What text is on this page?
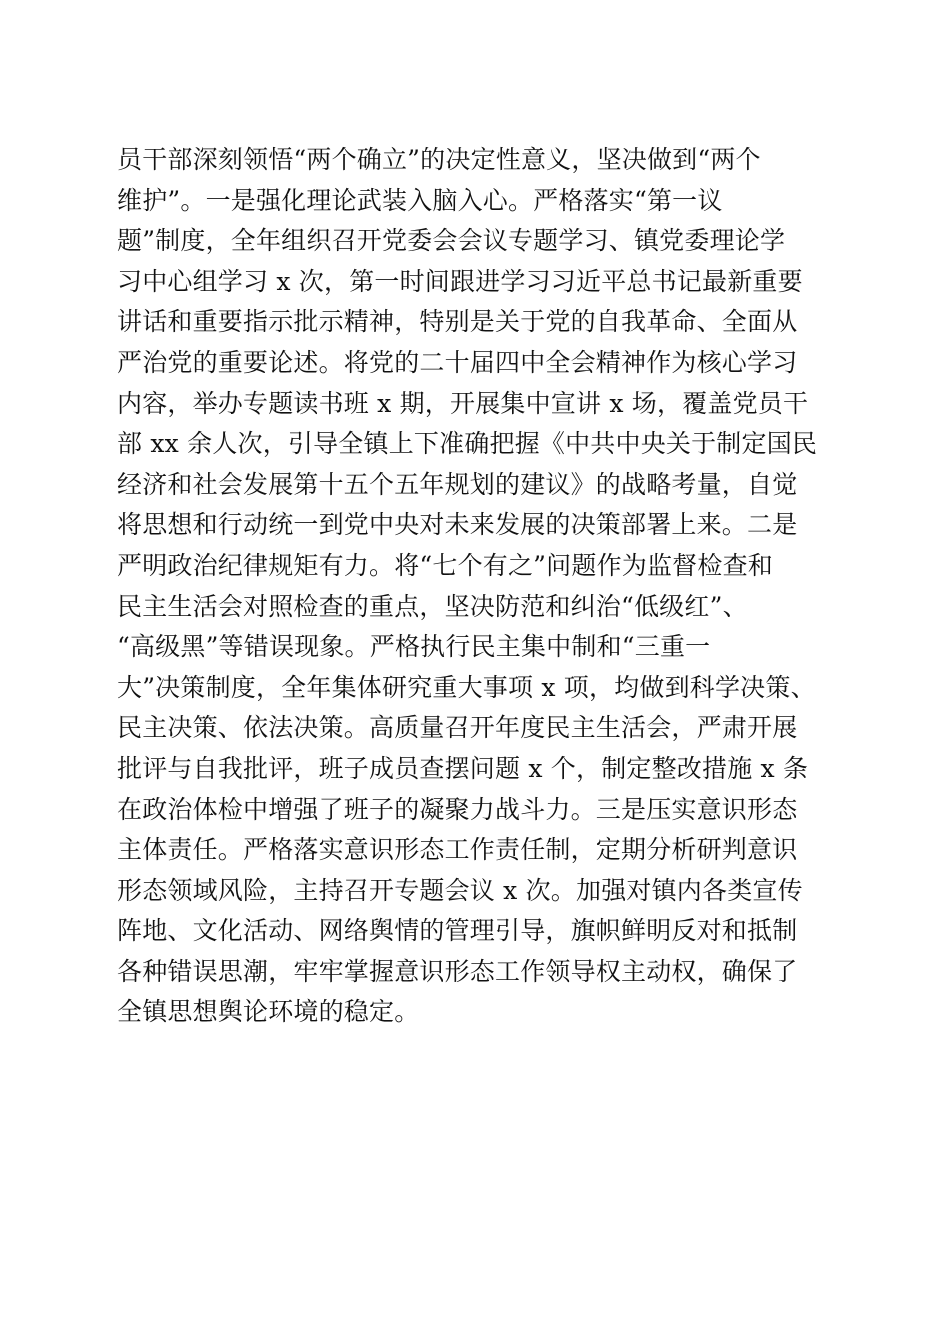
员干部深刻领悟“两个确立”的决定性意义，坚决做到“两个
维护”。一是强化理论武装入脑入心。严格落实“第一议
题”制度，全年组织召开党委会会议专题学习、镇党委理论学
习中心组学习 x 次，第一时间跟进学习习近平总书记最新重要
讲话和重要指示批示精神，特别是关于党的自我革命、全面从
严治党的重要论述。将党的二十届四中全会精神作为核心学习
内容，举办专题读书班 x 期，开展集中宣讲 x 场，覆盖党员干
部 xx 余人次，引导全镇上下准确把握《中共中央关于制定国民
经济和社会发展第十五个五年规划的建议》的战略考量，自觉
将思想和行动统一到党中央对未来发展的决策部署上来。二是
严明政治纪律规矩有力。将“七个有之”问题作为监督检查和
民主生活会对照检查的重点，坚决防范和纠治“低级红”、
“高级黑”等错误现象。严格执行民主集中制和“三重一
大”决策制度，全年集体研究重大事项 x 项，均做到科学决策、
民主决策、依法决策。高质量召开年度民主生活会，严肃开展
批评与自我批评，班子成员查摆问题 x 个，制定整改措施 x 条
在政治体检中增强了班子的凝聚力战斗力。三是压实意识形态
主体责任。严格落实意识形态工作责任制，定期分析研判意识
形态领域风险，主持召开专题会议 x 次。加强对镇内各类宣传
阵地、文化活动、网络舆情的管理引导，旗帜鲜明反对和抵制
各种错误思潮，牢牢掌握意识形态工作领导权主动权，确保了
全镇思想舆论环境的稳定。
